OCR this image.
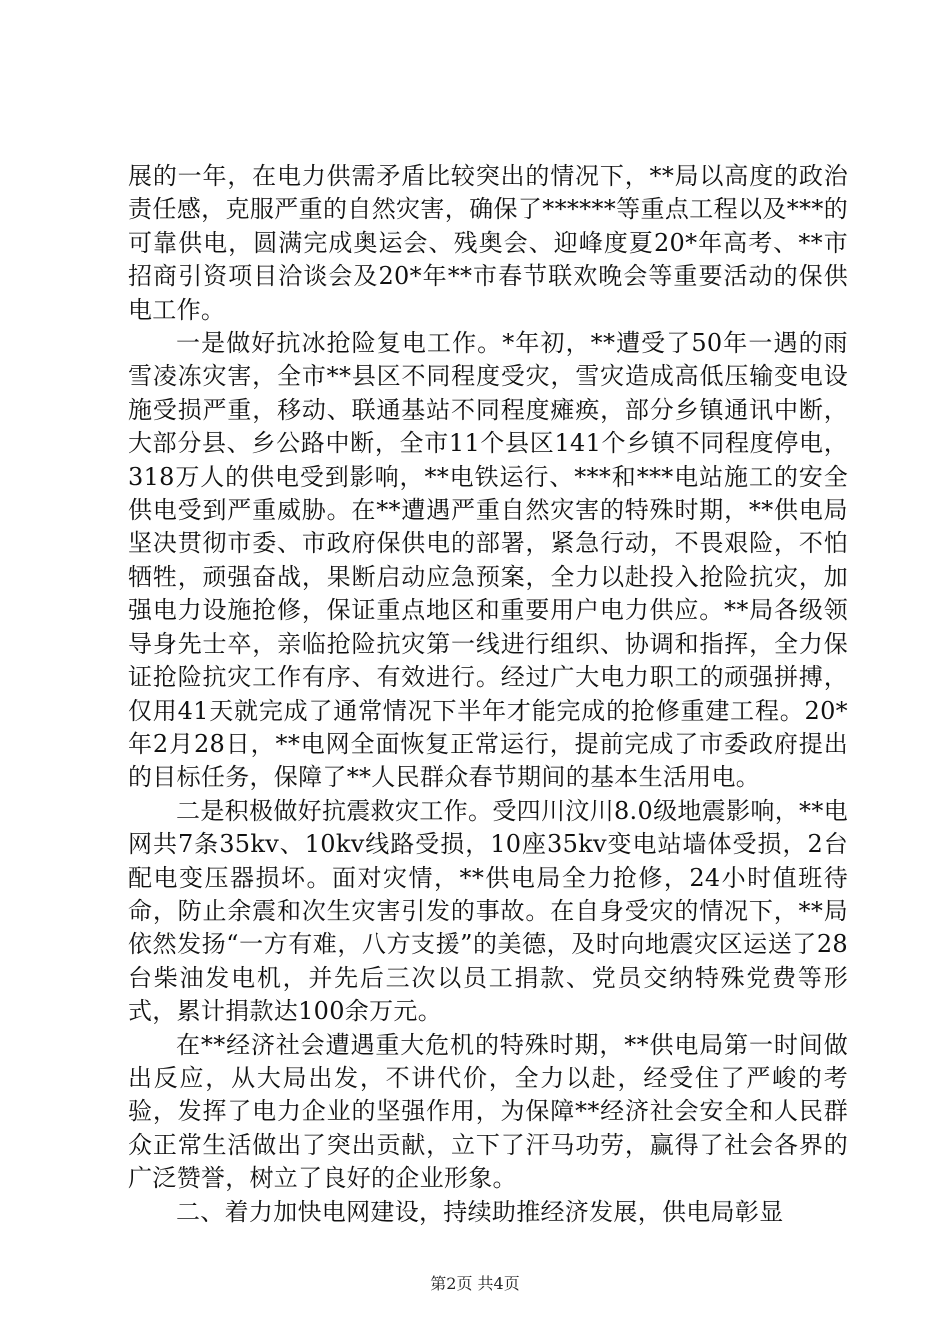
展的一年，在电力供需矛盾比较突出的情况下，**局以高度的政治责任感，克服严重的自然灾害，确保了******等重点工程以及***的可靠供电，圆满完成奥运会、残奥会、迎峰度夏20*年高考、**市招商引资项目洽谈会及20*年**市春节联欢晚会等重要活动的保供电工作。

一是做好抗冰抢险复电工作。*年初，**遭受了50年一遇的雨雪凌冻灾害，全市**县区不同程度受灾，雪灾造成高低压输变电设施受损严重，移动、联通基站不同程度瘫痪，部分乡镇通讯中断，大部分县、乡公路中断，全市11个县区141个乡镇不同程度停电，318万人的供电受到影响，**电铁运行、***和***电站施工的安全供电受到严重威胁。在**遭遇严重自然灾害的特殊时期，**供电局坚决贯彻市委、市政府保供电的部署，紧急行动，不畏艰险，不怕牺牲，顽强奋战，果断启动应急预案，全力以赴投入抢险抗灾，加强电力设施抢修，保证重点地区和重要用户电力供应。**局各级领导身先士卒，亲临抢险抗灾第一线进行组织、协调和指挥，全力保证抢险抗灾工作有序、有效进行。经过广大电力职工的顽强拼搏，仅用41天就完成了通常情况下半年才能完成的抢修重建工程。20*年2月28日，**电网全面恢复正常运行，提前完成了市委政府提出的目标任务，保障了**人民群众春节期间的基本生活用电。

二是积极做好抗震救灾工作。受四川汶川8.0级地震影响，**电网共7条35kv、10kv线路受损，10座35kv变电站墙体受损，2台配电变压器损坏。面对灾情，**供电局全力抢修，24小时值班待命，防止余震和次生灾害引发的事故。在自身受灾的情况下，**局依然发扬“一方有难，八方支援”的美德，及时向地震灾区运送了28台柴油发电机，并先后三次以员工捐款、党员交纳特殊党费等形式，累计捐款达100余万元。

在**经济社会遭遇重大危机的特殊时期，**供电局第一时间做出反应，从大局出发，不讲代价，全力以赴，经受住了严峻的考验，发挥了电力企业的坚强作用，为保障**经济社会安全和人民群众正常生活做出了突出贡献，立下了汗马功劳，赢得了社会各界的广泛赞誉，树立了良好的企业形象。

二、着力加快电网建设，持续助推经济发展，供电局彰显

第2页 共4页
